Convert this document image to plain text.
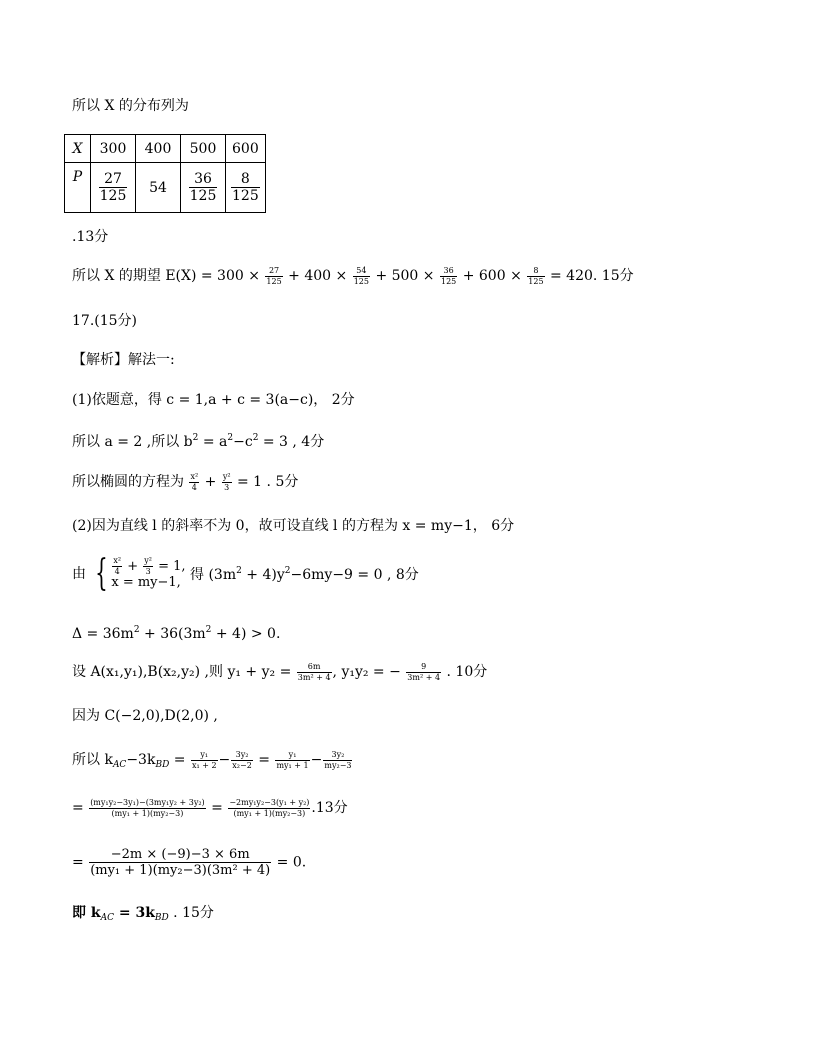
所以 X 的分布列为
X	300	400	500	600
P	$\frac{27}{125}$	54	$\frac{36}{125}$	$\frac{8}{125}$
.13分
所以 X 的期望 $E(X) = 300 \times \frac{27}{125} + 400 \times \frac{54}{125} + 500 \times \frac{36}{125} + 600 \times \frac{8}{125} = 420$. 15分
17.(15分)
【解析】解法一:
(1)依题意，得 c = 1,a + c = 3(a−c)， 2分
所以 a = 2 ,所以 $b^2 = a^2-c^2 = 3$ , 4分
所以椭圆的方程为 $\frac{\text{x²}}{4} + \frac{\text{y²}}{3} = 1$ . 5分
(2)因为直线 l 的斜率不为 0，故可设直线 l 的方程为 x = my−1， 6分
由 { $\frac{\text{x²}}{4} + \frac{\text{y²}}{3} = 1$,
x = my−1,
得 $(3m^2 + 4)y^2-6my-9 = 0$ , 8分
$\Delta = 36m^2 + 36(3m^2 + 4) > 0$.
设 A(x₁,y₁),B(x₂,y₂) ,则 $y_1 + y_2 = \frac{6m}{\text{3m² + 4}}$ , y₁y₂ = − $\frac{9}{\text{3m² + 4}}$ . 10分
因为 C(−2,0),D(2,0) ,
所以 $k_{AC}-3k_{BD} = \frac{\text{y₁}}{\text{x₁ + 2}} - \frac{\text{3y₂}}{\text{x₂−2}} = \frac{\text{y₁}}{\text{my₁ + 1}} - \frac{\text{3y₂}}{\text{my₂−3}}$
= $\frac{\text{(my₁y₂−3y₁)−(3my₁y₂ + 3y₂)}}{\text{(my₁ + 1)(my₂−3)}} = \frac{\text{−2my₁y₂−3(y₁ + y₂)}}{\text{(my₁ + 1)(my₂−3)}} .13$分
= $\frac{-2m \times (-9)-3 \times 6m}{\text{(my₁ + 1)(my₂−3)(3m² + 4)}} = 0$.
即 $k_{AC} = 3k_{BD}$ . 15分
